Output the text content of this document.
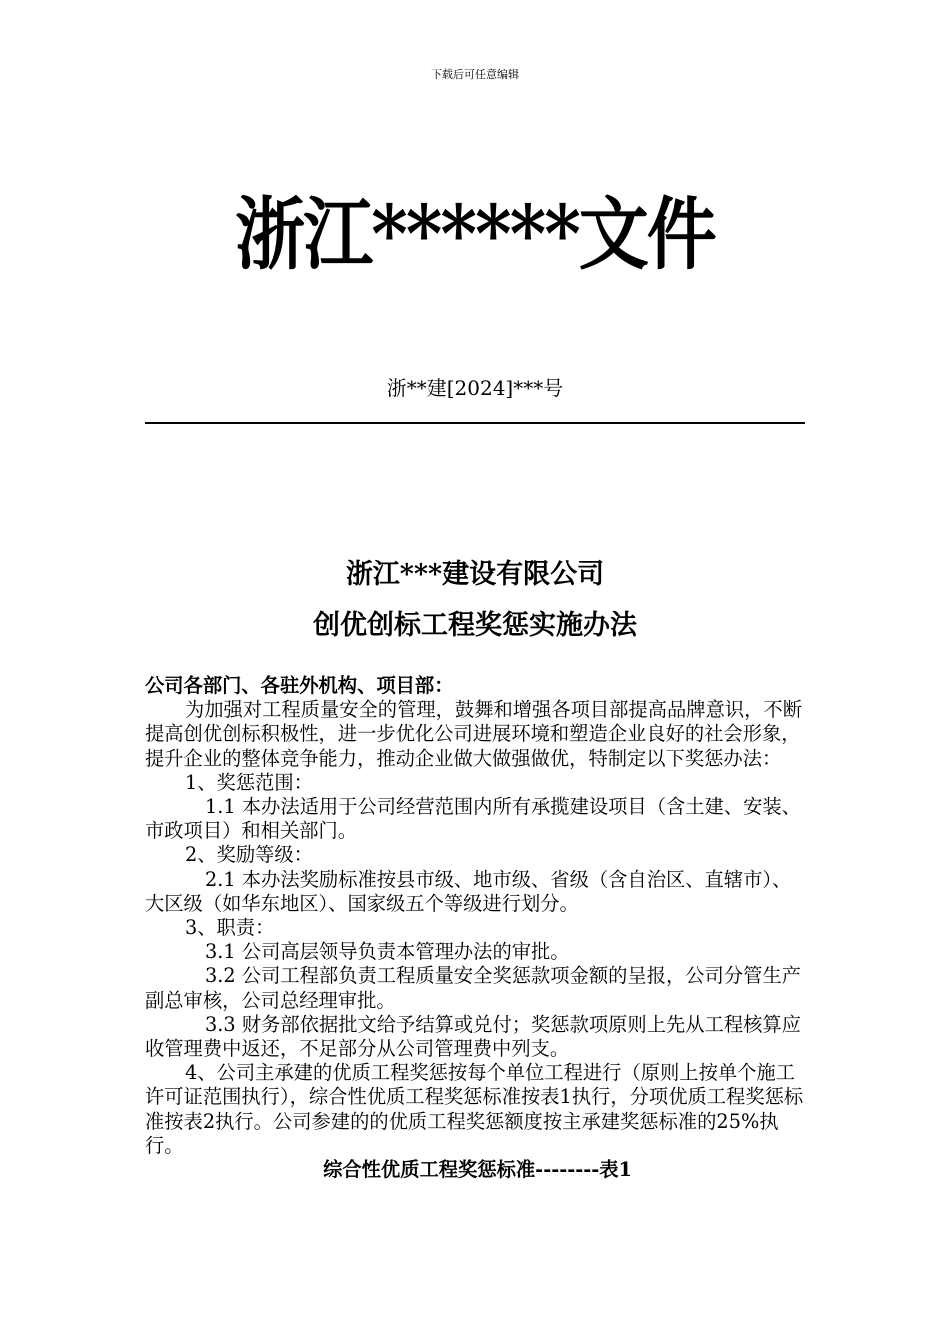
下载后可任意编辑
浙江******文件
浙**建[2024]***号
浙江***建设有限公司
创优创标工程奖惩实施办法

公司各部门、各驻外机构、项目部：

为加强对工程质量安全的管理，鼓舞和增强各项目部提高品牌意识，不断提高创优创标积极性，进一步优化公司进展环境和塑造企业良好的社会形象，提升企业的整体竞争能力，推动企业做大做强做优，特制定以下奖惩办法：

1、奖惩范围：

1.1 本办法适用于公司经营范围内所有承揽建设项目（含土建、安装、市政项目）和相关部门。

2、奖励等级：

2.1 本办法奖励标准按县市级、地市级、省级（含自治区、直辖市）、大区级（如华东地区）、国家级五个等级进行划分。

3、职责：

3.1 公司高层领导负责本管理办法的审批。

3.2 公司工程部负责工程质量安全奖惩款项金额的呈报，公司分管生产副总审核，公司总经理审批。

3.3 财务部依据批文给予结算或兑付；奖惩款项原则上先从工程核算应收管理费中返还，不足部分从公司管理费中列支。

4、公司主承建的优质工程奖惩按每个单位工程进行（原则上按单个施工许可证范围执行），综合性优质工程奖惩标准按表1执行，分项优质工程奖惩标准按表2执行。公司参建的的优质工程奖惩额度按主承建奖惩标准的25%执行。

综合性优质工程奖惩标准--------表1
